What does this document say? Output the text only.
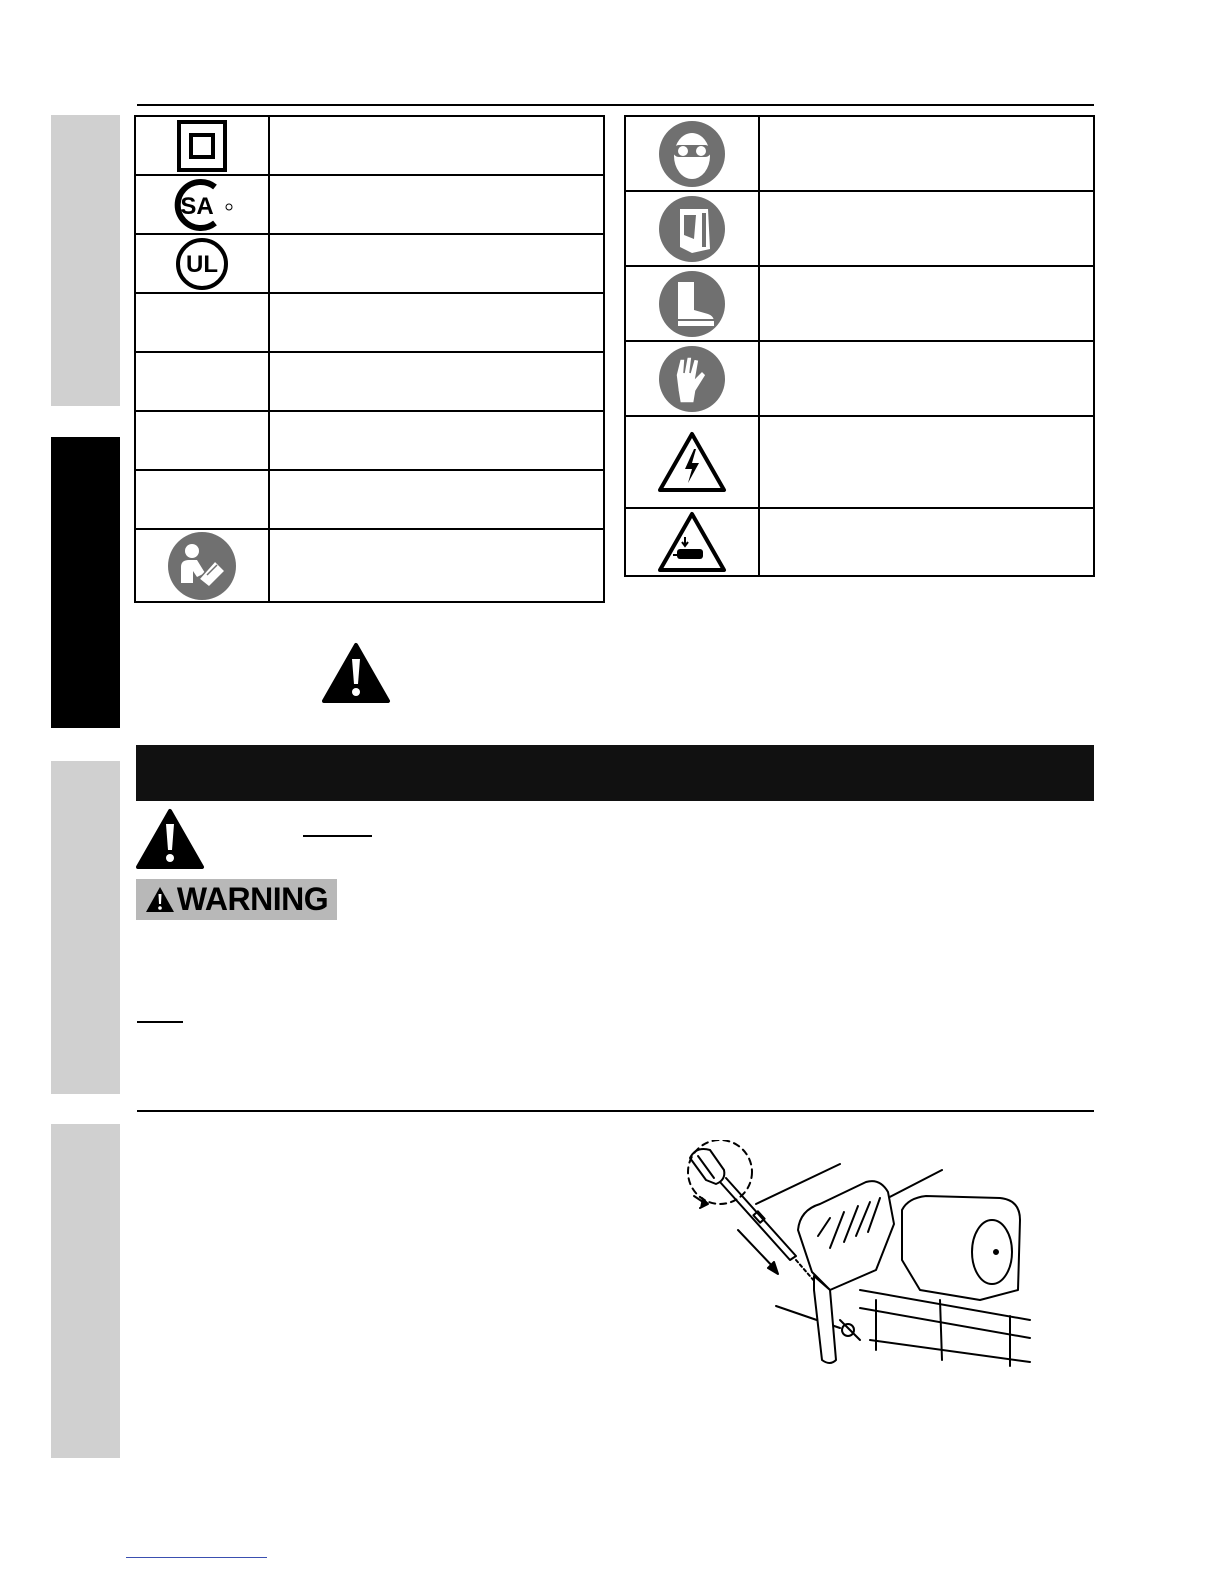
SA	

UL	

WARNING
